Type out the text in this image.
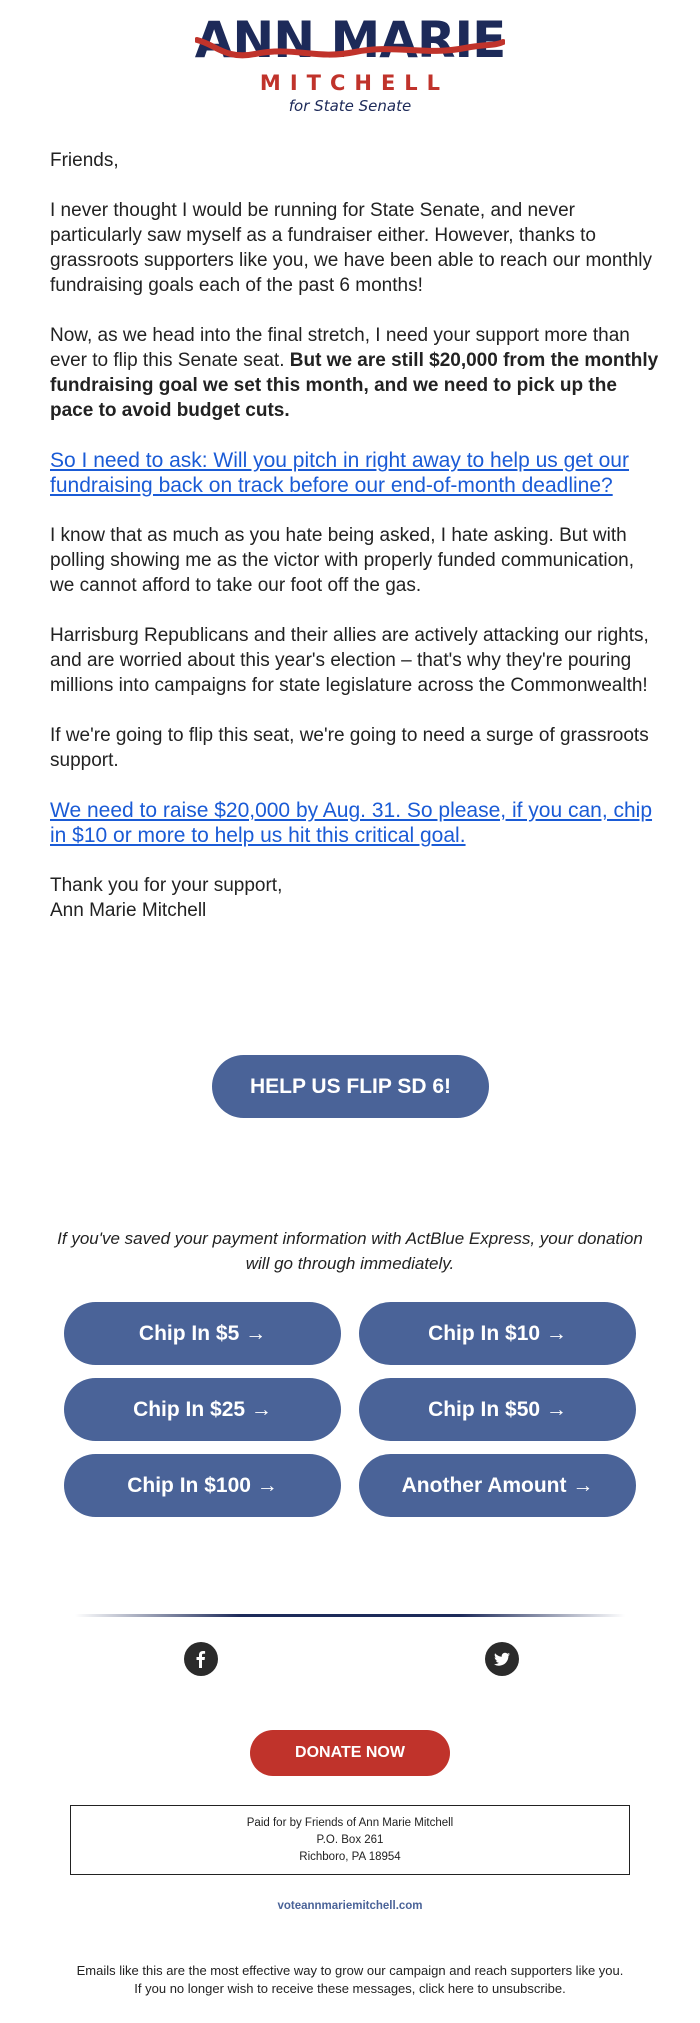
ANN MARIE
MITCHELL
for State Senate

Friends,

I never thought I would be running for State Senate, and never particularly saw myself as a fundraiser either. However, thanks to grassroots supporters like you, we have been able to reach our monthly fundraising goals each of the past 6 months!

Now, as we head into the final stretch, I need your support more than ever to flip this Senate seat. But we are still $20,000 from the monthly fundraising goal we set this month, and we need to pick up the pace to avoid budget cuts.

So I need to ask: Will you pitch in right away to help us get our fundraising back on track before our end-of-month deadline?

I know that as much as you hate being asked, I hate asking. But with polling showing me as the victor with properly funded communication, we cannot afford to take our foot off the gas.

Harrisburg Republicans and their allies are actively attacking our rights, and are worried about this year's election – that's why they're pouring millions into campaigns for state legislature across the Commonwealth!

If we're going to flip this seat, we're going to need a surge of grassroots support.

We need to raise $20,000 by Aug. 31. So please, if you can, chip in $10 or more to help us hit this critical goal.

Thank you for your support,
Ann Marie Mitchell

HELP US FLIP SD 6!
If you've saved your payment information with ActBlue Express, your donation will go through immediately.
Chip In $5 →	Chip In $10 →
Chip In $25 →	Chip In $50 →
Chip In $100 →	Another Amount →
DONATE NOW
Paid for by Friends of Ann Marie Mitchell
P.O. Box 261
Richboro, PA 18954
voteannmariemitchell.com
Emails like this are the most effective way to grow our campaign and reach supporters like you.
If you no longer wish to receive these messages, click here to unsubscribe.
